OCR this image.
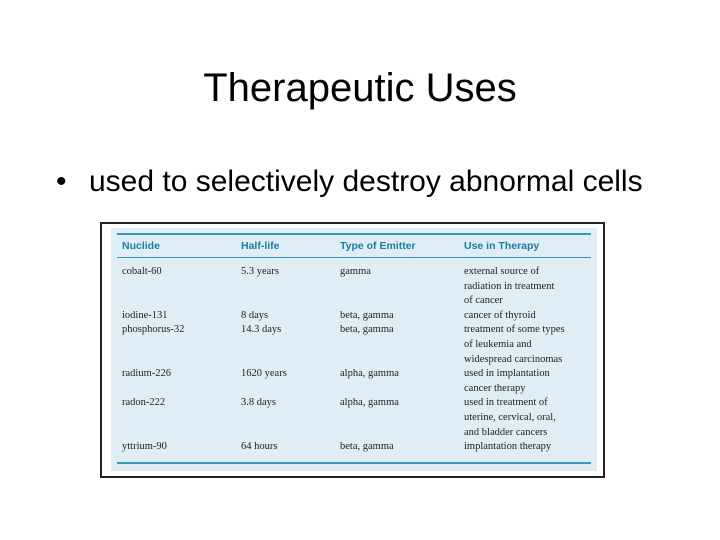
Therapeutic Uses
• used to selectively destroy abnormal cells
Nuclide	Half-life	Type of Emitter	Use in Therapy
cobalt-60	5.3 years	gamma	external source of
radiation in treatment
of cancer
iodine-131	8 days	beta, gamma	cancer of thyroid
phosphorus-32	14.3 days	beta, gamma	treatment of some types
of leukemia and
widespread carcinomas
radium-226	1620 years	alpha, gamma	used in implantation
cancer therapy
radon-222	3.8 days	alpha, gamma	used in treatment of
uterine, cervical, oral,
and bladder cancers
yttrium-90	64 hours	beta, gamma	implantation therapy
